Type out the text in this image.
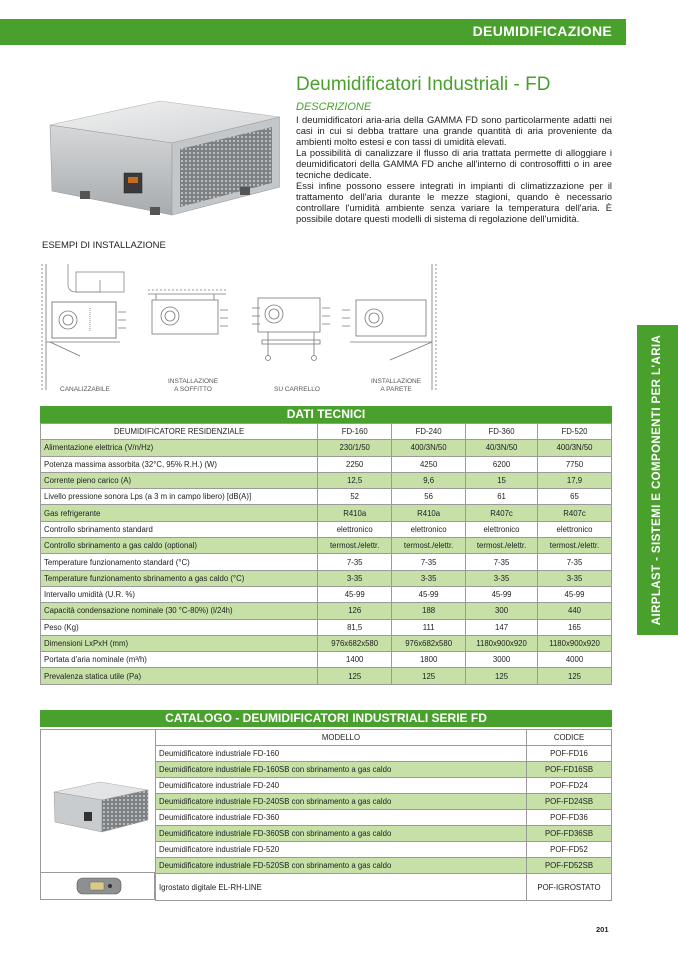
DEUMIDIFICAZIONE
AIRPLAST - SISTEMI E COMPONENTI PER L'ARIA
ESEMPI DI INSTALLAZIONE
Deumidificatori Industriali - FD
DESCRIZIONE

I deumidificatori aria-aria della GAMMA FD sono particolarmente adatti nei casi in cui si debba trattare una grande quantità di aria proveniente da ambienti molto estesi e con tassi di umidità elevati.

La possibilità di canalizzare il flusso di aria trattata permette di alloggiare i deumidificatori della GAMMA FD anche all'interno di controsoffitti o in aree tecniche dedicate.

Essi infine possono essere integrati in impianti di climatizzazione per il trattamento dell'aria durante le mezze stagioni, quando è necessario controllare l'umidità ambiente senza variare la temperatura dell'aria. È possibile dotare questi modelli di sistema di regolazione dell'umidità.

CANALIZZABILE
INSTALLAZIONE
A SOFFITTO	SU CARRELLO
INSTALLAZIONE
A PARETE
DATI TECNICI
DEUMIDIFICATORE RESIDENZIALE	FD-160	FD-240	FD-360	FD-520
Alimentazione elettrica (V/n/Hz)	230/1/50	400/3N/50	40/3N/50	400/3N/50
Potenza massima assorbita (32°C, 95% R.H.) (W)	2250	4250	6200	7750
Corrente pieno carico (A)	12,5	9,6	15	17,9
Livello pressione sonora Lps (a 3 m in campo libero) [dB(A)]	52	56	61	65
Gas refrigerante	R410a	R410a	R407c	R407c
Controllo sbrinamento standard	elettronico	elettronico	elettronico	elettronico
Controllo sbrinamento a gas caldo (optional)	termost./elettr.	termost./elettr.	termost./elettr.	termost./elettr.
Temperature funzionamento standard (°C)	7-35	7-35	7-35	7-35
Temperature funzionamento sbrinamento a gas caldo (°C)	3-35	3-35	3-35	3-35
Intervallo umidità (U.R. %)	45-99	45-99	45-99	45-99
Capacità condensazione nominale (30 °C-80%) (l/24h)	126	188	300	440
Peso (Kg)	81,5	111	147	165
Dimensioni LxPxH (mm)	976x682x580	976x682x580	1180x900x920	1180x900x920
Portata d'aria nominale (m³/h)	1400	1800	3000	4000
Prevalenza statica utile (Pa)	125	125	125	125
CATALOGO - DEUMIDIFICATORI INDUSTRIALI SERIE FD
MODELLO	CODICE
Deumidificatore industriale FD-160	POF-FD16
Deumidificatore industriale FD-160SB con sbrinamento a gas caldo	POF-FD16SB
Deumidificatore industriale FD-240	POF-FD24
Deumidificatore industriale FD-240SB con sbrinamento a gas caldo	POF-FD24SB
Deumidificatore industriale FD-360	POF-FD36
Deumidificatore industriale FD-360SB con sbrinamento a gas caldo	POF-FD36SB
Deumidificatore industriale FD-520	POF-FD52
Deumidificatore industriale FD-520SB con sbrinamento a gas caldo	POF-FD52SB
Igrostato digitale EL-RH-LINE	POF-IGROSTATO
201
